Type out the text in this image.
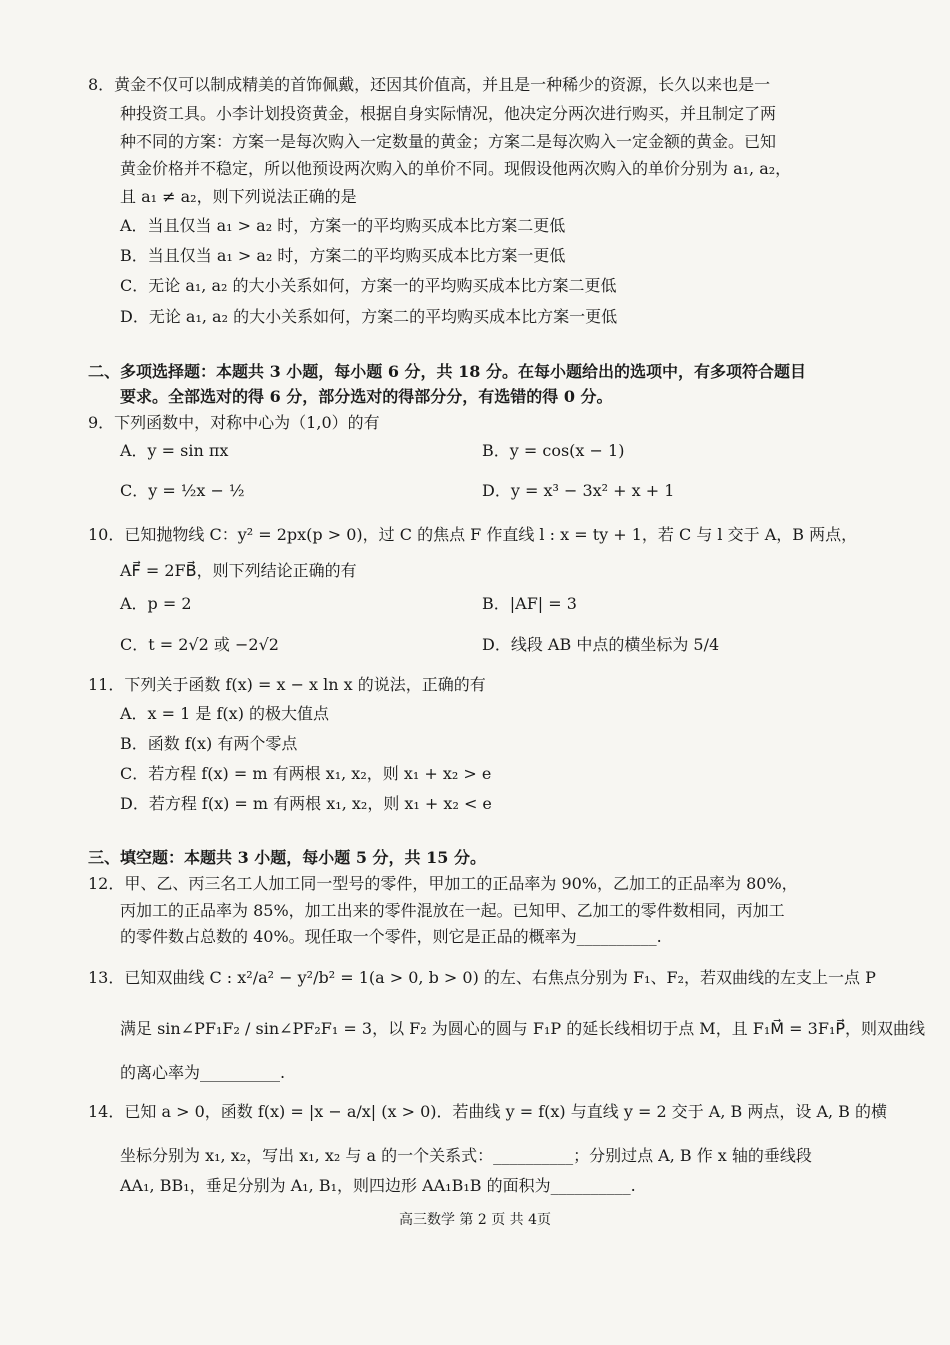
8．黄金不仅可以制成精美的首饰佩戴，还因其价值高，并且是一种稀少的资源，长久以来也是一
种投资工具。小李计划投资黄金，根据自身实际情况，他决定分两次进行购买，并且制定了两
种不同的方案：方案一是每次购入一定数量的黄金；方案二是每次购入一定金额的黄金。已知
黄金价格并不稳定，所以他预设两次购入的单价不同。现假设他两次购入的单价分别为 a₁, a₂，
且 a₁ ≠ a₂，则下列说法正确的是
A．当且仅当 a₁ > a₂ 时，方案一的平均购买成本比方案二更低
B．当且仅当 a₁ > a₂ 时，方案二的平均购买成本比方案一更低
C．无论 a₁, a₂ 的大小关系如何，方案一的平均购买成本比方案二更低
D．无论 a₁, a₂ 的大小关系如何，方案二的平均购买成本比方案一更低
二、多项选择题：本题共 3 小题，每小题 6 分，共 18 分。在每小题给出的选项中，有多项符合题目
要求。全部选对的得 6 分，部分选对的得部分分，有选错的得 0 分。
9．下列函数中，对称中心为（1,0）的有
A．y = sin πx	B．y = cos(x − 1)
C．y = ½x − ½	D．y = x³ − 3x² + x + 1
10．已知抛物线 C：y² = 2px(p > 0)，过 C 的焦点 F 作直线 l : x = ty + 1，若 C 与 l 交于 A，B 两点，
AF⃗ = 2FB⃗，则下列结论正确的有
A．p = 2	B．|AF| = 3
C．t = 2√2 或 −2√2	D．线段 AB 中点的横坐标为 5/4
11．下列关于函数 f(x) = x − x ln x 的说法，正确的有
A．x = 1 是 f(x) 的极大值点
B．函数 f(x) 有两个零点
C．若方程 f(x) = m 有两根 x₁, x₂，则 x₁ + x₂ > e
D．若方程 f(x) = m 有两根 x₁, x₂，则 x₁ + x₂ < e
三、填空题：本题共 3 小题，每小题 5 分，共 15 分。
12．甲、乙、丙三名工人加工同一型号的零件，甲加工的正品率为 90%，乙加工的正品率为 80%，
丙加工的正品率为 85%，加工出来的零件混放在一起。已知甲、乙加工的零件数相同，丙加工
的零件数占总数的 40%。现任取一个零件，则它是正品的概率为__________.
13．已知双曲线 C : x²/a² − y²/b² = 1(a > 0, b > 0) 的左、右焦点分别为 F₁、F₂，若双曲线的左支上一点 P
满足 sin∠PF₁F₂ / sin∠PF₂F₁ = 3，以 F₂ 为圆心的圆与 F₁P 的延长线相切于点 M，且 F₁M⃗ = 3F₁P⃗，则双曲线
的离心率为__________.
14．已知 a > 0，函数 f(x) = |x − a/x| (x > 0)．若曲线 y = f(x) 与直线 y = 2 交于 A, B 两点，设 A, B 的横
坐标分别为 x₁, x₂，写出 x₁, x₂ 与 a 的一个关系式：__________；分别过点 A, B 作 x 轴的垂线段
AA₁, BB₁，垂足分别为 A₁, B₁，则四边形 AA₁B₁B 的面积为__________.
高三数学 第 2 页 共 4页
